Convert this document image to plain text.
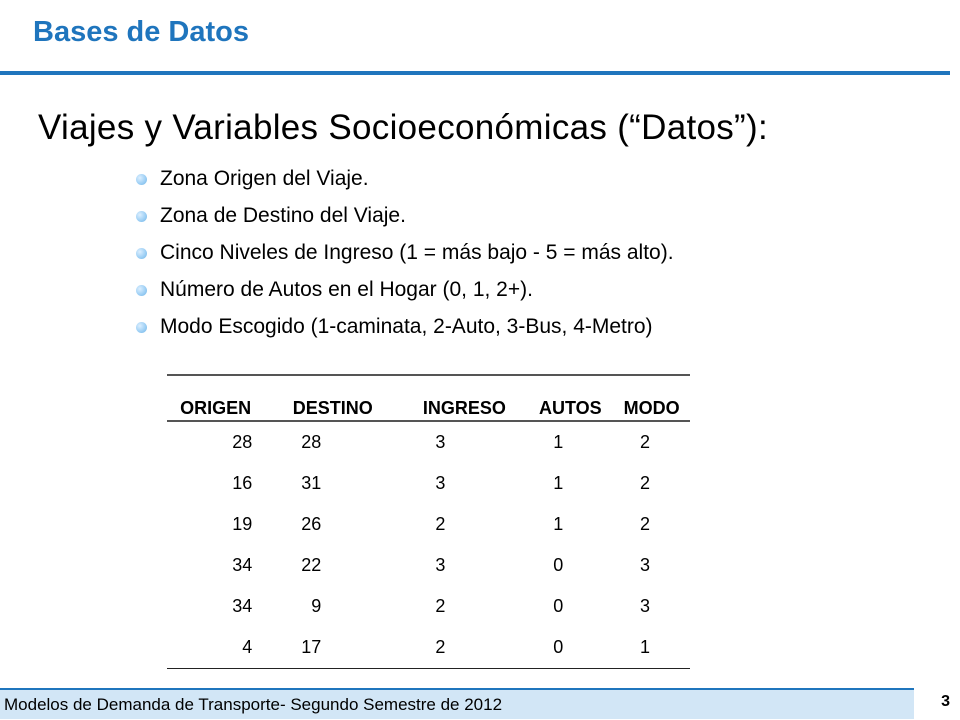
Bases de Datos
Viajes y Variables Socioeconómicas (“Datos”):
Zona Origen del Viaje.
Zona de Destino del Viaje.
Cinco Niveles de Ingreso (1 = más bajo - 5 = más alto).
Número de Autos en el Hogar (0, 1, 2+).
Modo Escogido (1-caminata, 2-Auto, 3-Bus, 4-Metro)
ORIGEN	DESTINO	INGRESO	AUTOS	MODO
28	28	3	1	2
16	31	3	1	2
19	26	2	1	2
34	22	3	0	3
34	9	2	0	3
4	17	2	0	1
Modelos de Demanda de Transporte- Segundo Semestre de 2012	3
